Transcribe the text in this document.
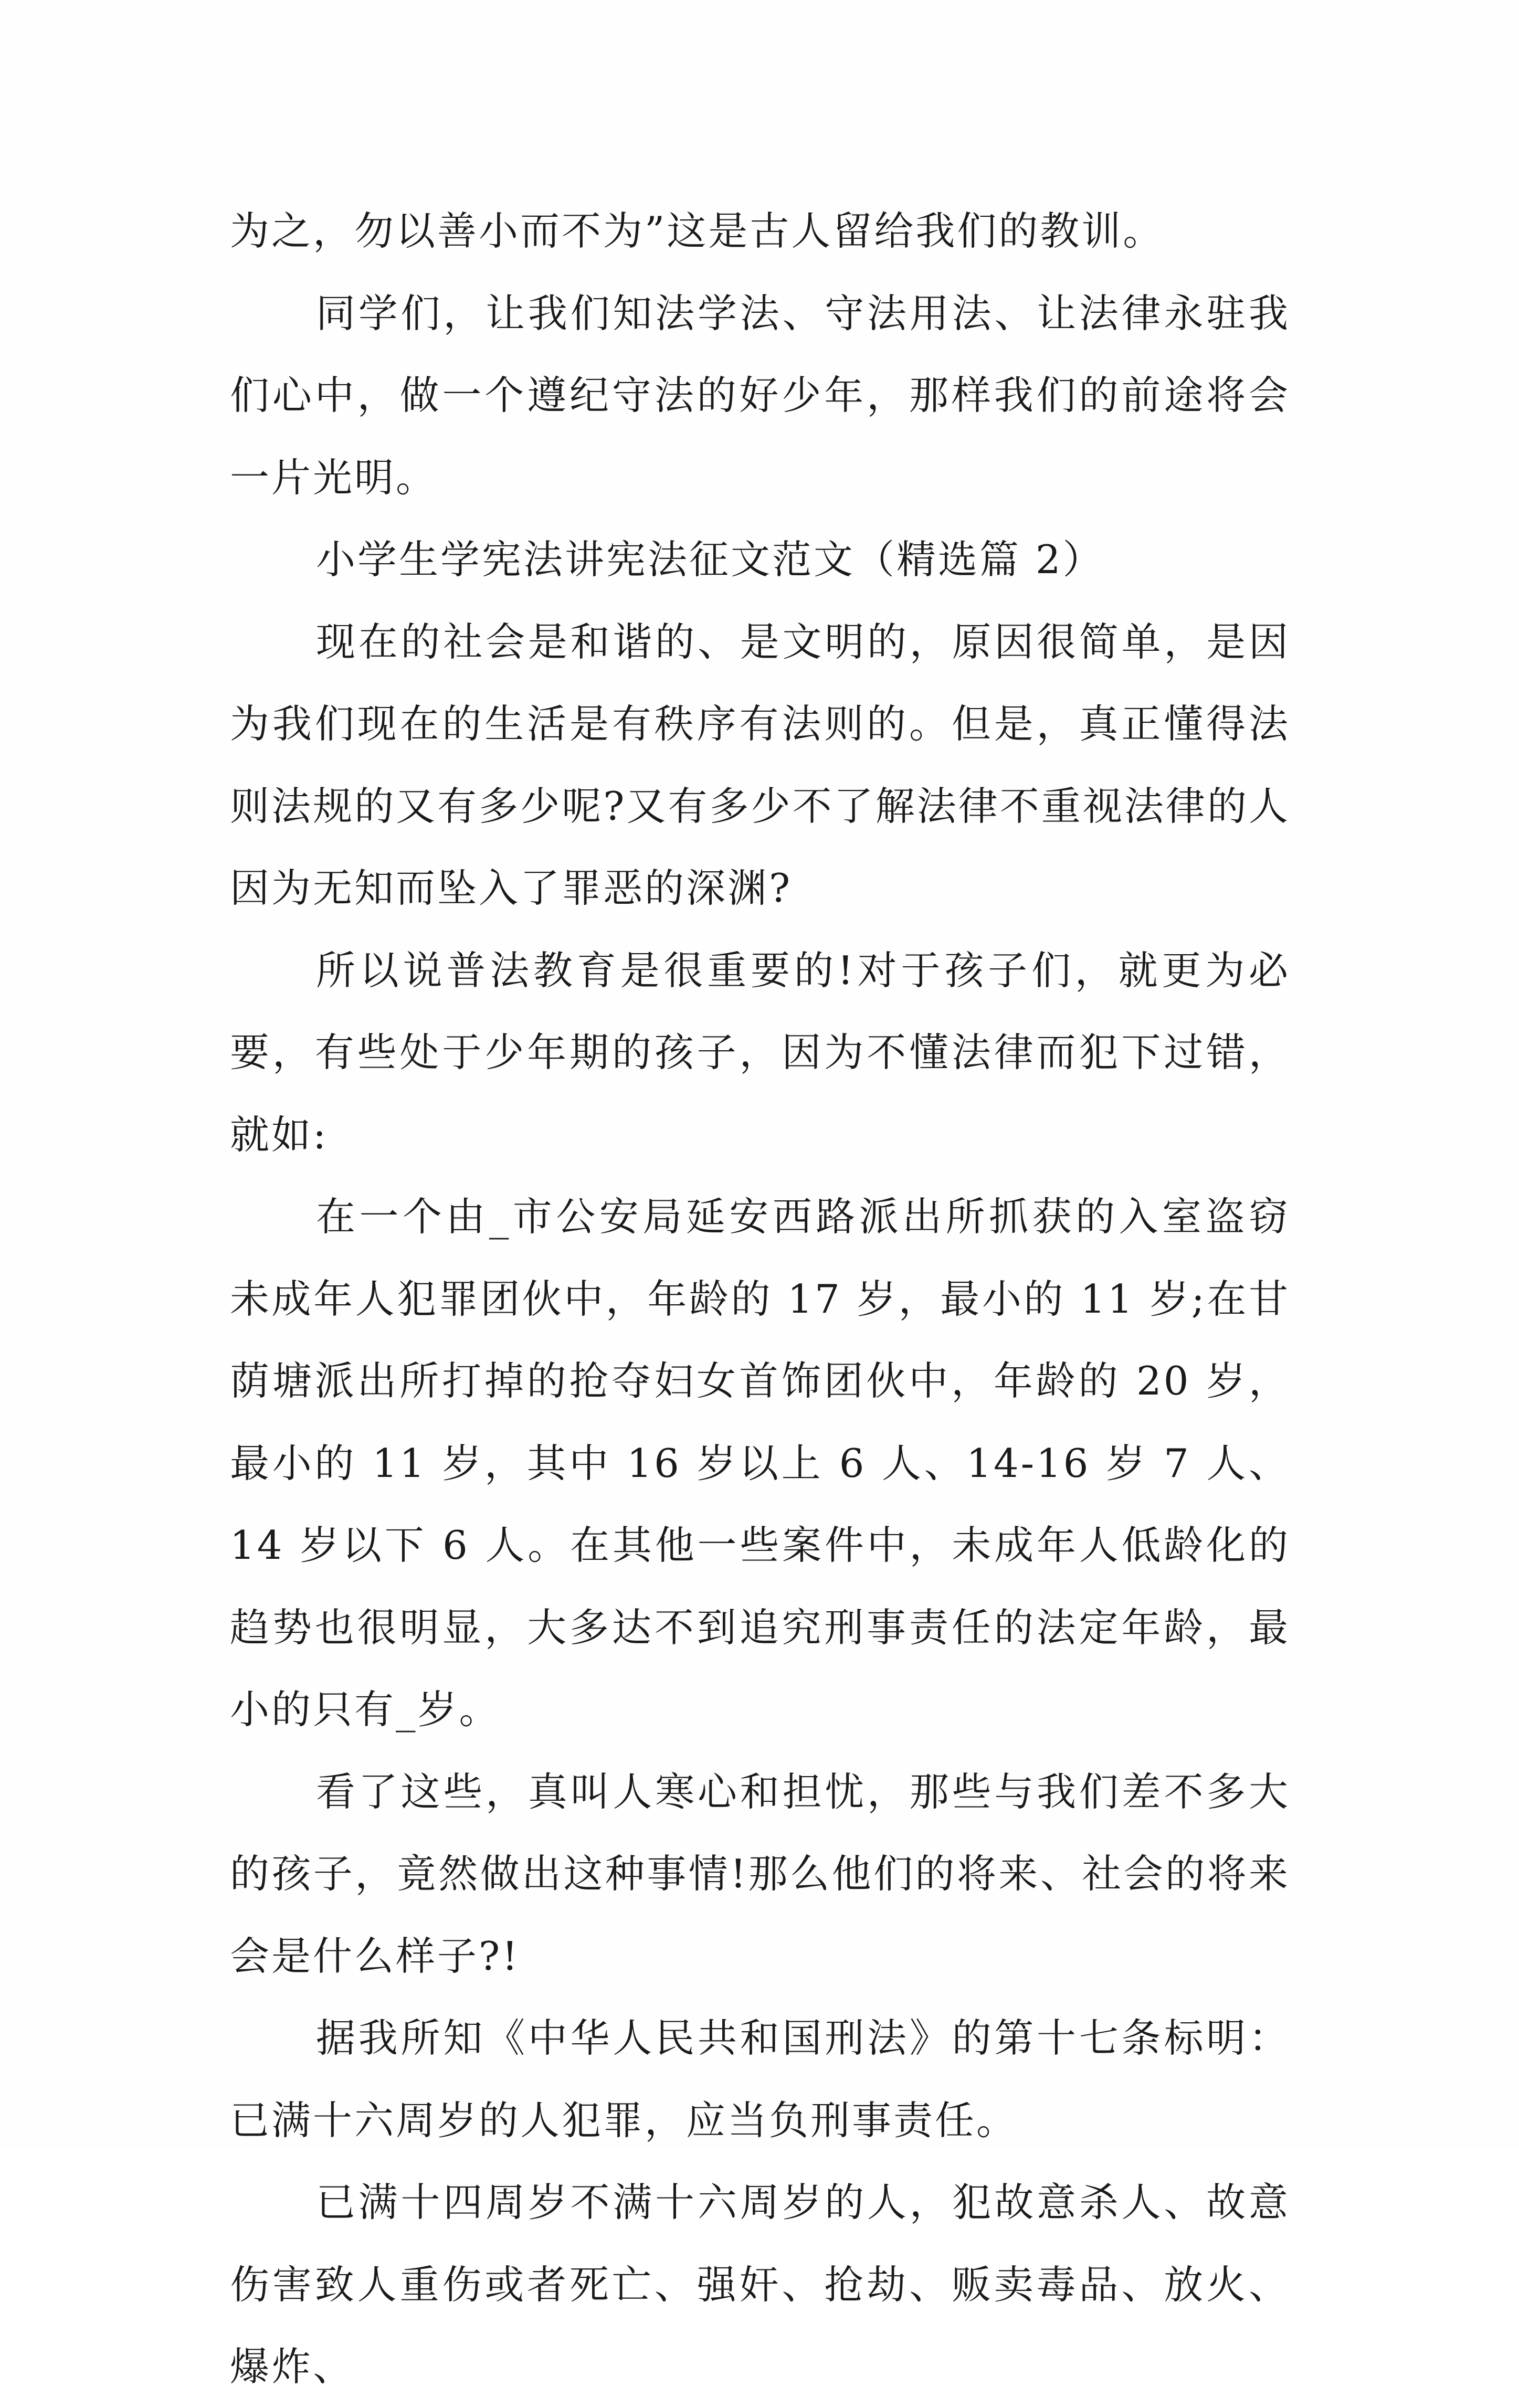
为之，勿以善小而不为”这是古人留给我们的教训。

同学们，让我们知法学法、守法用法、让法律永驻我们心中，做一个遵纪守法的好少年，那样我们的前途将会一片光明。

小学生学宪法讲宪法征文范文（精选篇 2）

现在的社会是和谐的、是文明的，原因很简单，是因为我们现在的生活是有秩序有法则的。但是，真正懂得法则法规的又有多少呢?又有多少不了解法律不重视法律的人因为无知而坠入了罪恶的深渊?

所以说普法教育是很重要的!对于孩子们，就更为必要，有些处于少年期的孩子，因为不懂法律而犯下过错，就如:

在一个由_市公安局延安西路派出所抓获的入室盗窃未成年人犯罪团伙中，年龄的 17 岁，最小的 11 岁;在甘荫塘派出所打掉的抢夺妇女首饰团伙中，年龄的 20 岁，最小的 11 岁，其中 16 岁以上 6 人、14-16 岁 7 人、14 岁以下 6 人。在其他一些案件中，未成年人低龄化的趋势也很明显，大多达不到追究刑事责任的法定年龄，最小的只有_岁。

看了这些，真叫人寒心和担忧，那些与我们差不多大的孩子，竟然做出这种事情!那么他们的将来、社会的将来会是什么样子?!

据我所知《中华人民共和国刑法》的第十七条标明：已满十六周岁的人犯罪，应当负刑事责任。

已满十四周岁不满十六周岁的人，犯故意杀人、故意伤害致人重伤或者死亡、强奸、抢劫、贩卖毒品、放火、爆炸、
